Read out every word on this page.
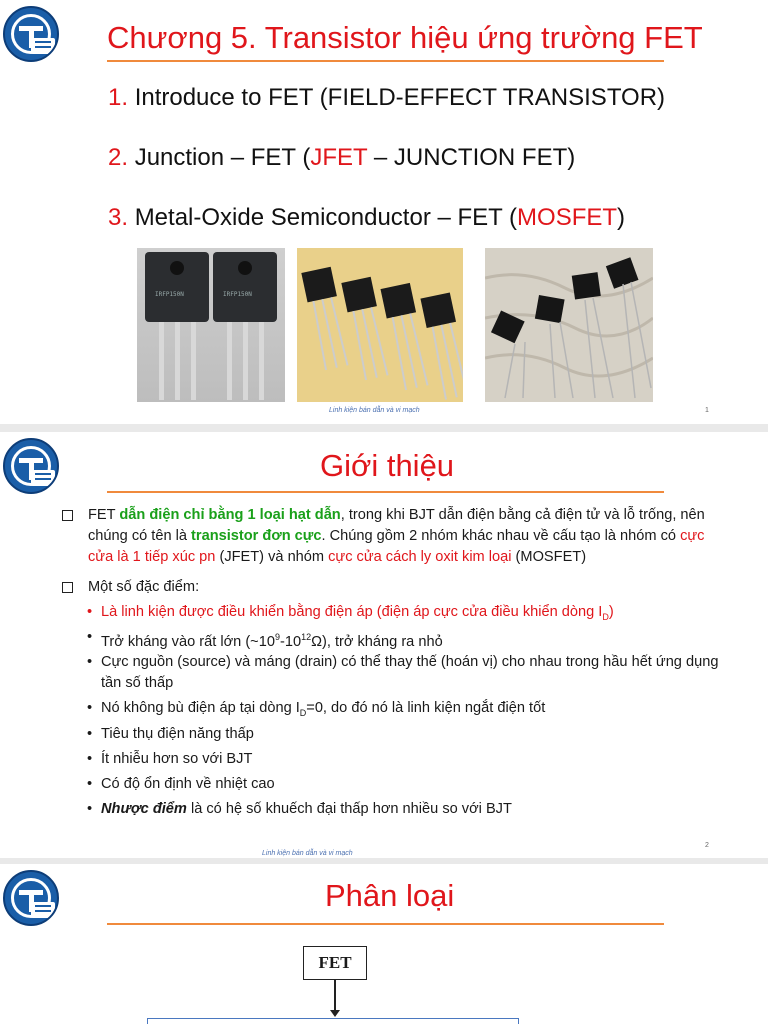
Chương 5. Transistor hiệu ứng trường FET
1. Introduce to FET (FIELD-EFFECT TRANSISTOR)
2. Junction – FET (JFET – JUNCTION FET)
3. Metal-Oxide Semiconductor – FET (MOSFET)
IRFP150N	IRFP150N
Linh kiện bán dẫn và vi mạch	1
Giới thiệu
FET dẫn điện chỉ bằng 1 loại hạt dẫn, trong khi BJT dẫn điện bằng cả điện tử và lỗ trống, nên chúng có tên là transistor đơn cực. Chúng gồm 2 nhóm khác nhau về cấu tạo là nhóm có cực cửa là 1 tiếp xúc pn (JFET) và nhóm cực cửa cách ly oxit kim loại (MOSFET)
Một số đặc điểm:
• Là linh kiện được điều khiển bằng điện áp (điện áp cực cửa điều khiển dòng $I_D$)
• Trở kháng vào rất lớn $(\sim 10^9-10^{12}\Omega)$, trở kháng ra nhỏ
• Cực nguồn (source) và máng (drain) có thể thay thế (hoán vị) cho nhau trong hầu hết ứng dụng tần số thấp
• Nó không bù điện áp tại dòng $I_D=0$, do đó nó là linh kiện ngắt điện tốt
• Tiêu thụ điện năng thấp
• Ít nhiễu hơn so với BJT
• Có độ ổn định về nhiệt cao
• Nhược điểm là có hệ số khuếch đại thấp hơn nhiều so với BJT
Linh kiện bán dẫn và vi mạch
2
Phân loại
FET
